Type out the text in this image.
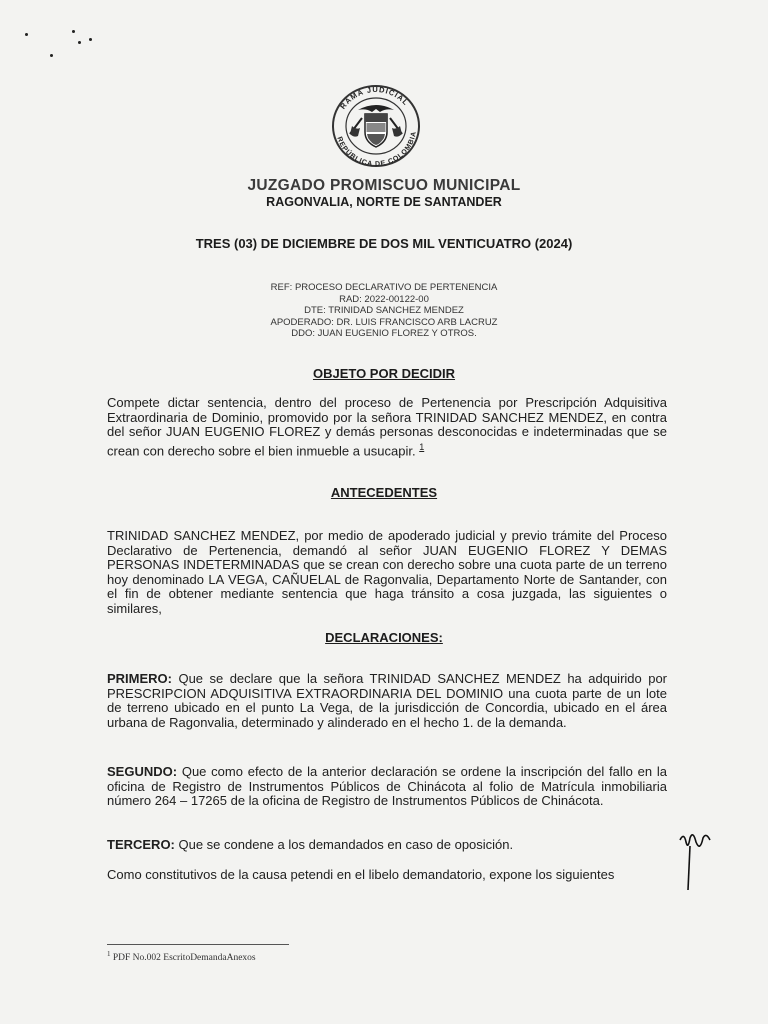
RAMA JUDICIAL
REPÚBLICA DE COLOMBIA
JUZGADO PROMISCUO MUNICIPAL
RAGONVALIA, NORTE DE SANTANDER
TRES (03) DE DICIEMBRE DE DOS MIL VENTICUATRO (2024)
REF: PROCESO DECLARATIVO DE PERTENENCIA
RAD: 2022-00122-00
DTE: TRINIDAD SANCHEZ MENDEZ
APODERADO: DR. LUIS FRANCISCO ARB LACRUZ
DDO: JUAN EUGENIO FLOREZ Y OTROS.
OBJETO POR DECIDIR
Compete dictar sentencia, dentro del proceso de Pertenencia por Prescripción Adquisitiva Extraordinaria de Dominio, promovido por la señora TRINIDAD SANCHEZ MENDEZ, en contra del señor JUAN EUGENIO FLOREZ y demás personas desconocidas e indeterminadas que se crean con derecho sobre el bien inmueble a usucapir. $^1$
ANTECEDENTES
TRINIDAD SANCHEZ MENDEZ, por medio de apoderado judicial y previo trámite del Proceso Declarativo de Pertenencia, demandó al señor JUAN EUGENIO FLOREZ Y DEMAS PERSONAS INDETERMINADAS que se crean con derecho sobre una cuota parte de un terreno hoy denominado LA VEGA, CAÑUELAL de Ragonvalia, Departamento Norte de Santander, con el fin de obtener mediante sentencia que haga tránsito a cosa juzgada, las siguientes o similares,
DECLARACIONES:
PRIMERO: Que se declare que la señora TRINIDAD SANCHEZ MENDEZ ha adquirido por PRESCRIPCION ADQUISITIVA EXTRAORDINARIA DEL DOMINIO una cuota parte de un lote de terreno ubicado en el punto La Vega, de la jurisdicción de Concordia, ubicado en el área urbana de Ragonvalia, determinado y alinderado en el hecho 1. de la demanda.
SEGUNDO: Que como efecto de la anterior declaración se ordene la inscripción del fallo en la oficina de Registro de Instrumentos Públicos de Chinácota al folio de Matrícula inmobiliaria número 264 – 17265 de la oficina de Registro de Instrumentos Públicos de Chinácota.
TERCERO: Que se condene a los demandados en caso de oposición.
Como constitutivos de la causa petendi en el libelo demandatorio, expone los siguientes
$^1$ PDF No.002 EscritoDemandaAnexos
